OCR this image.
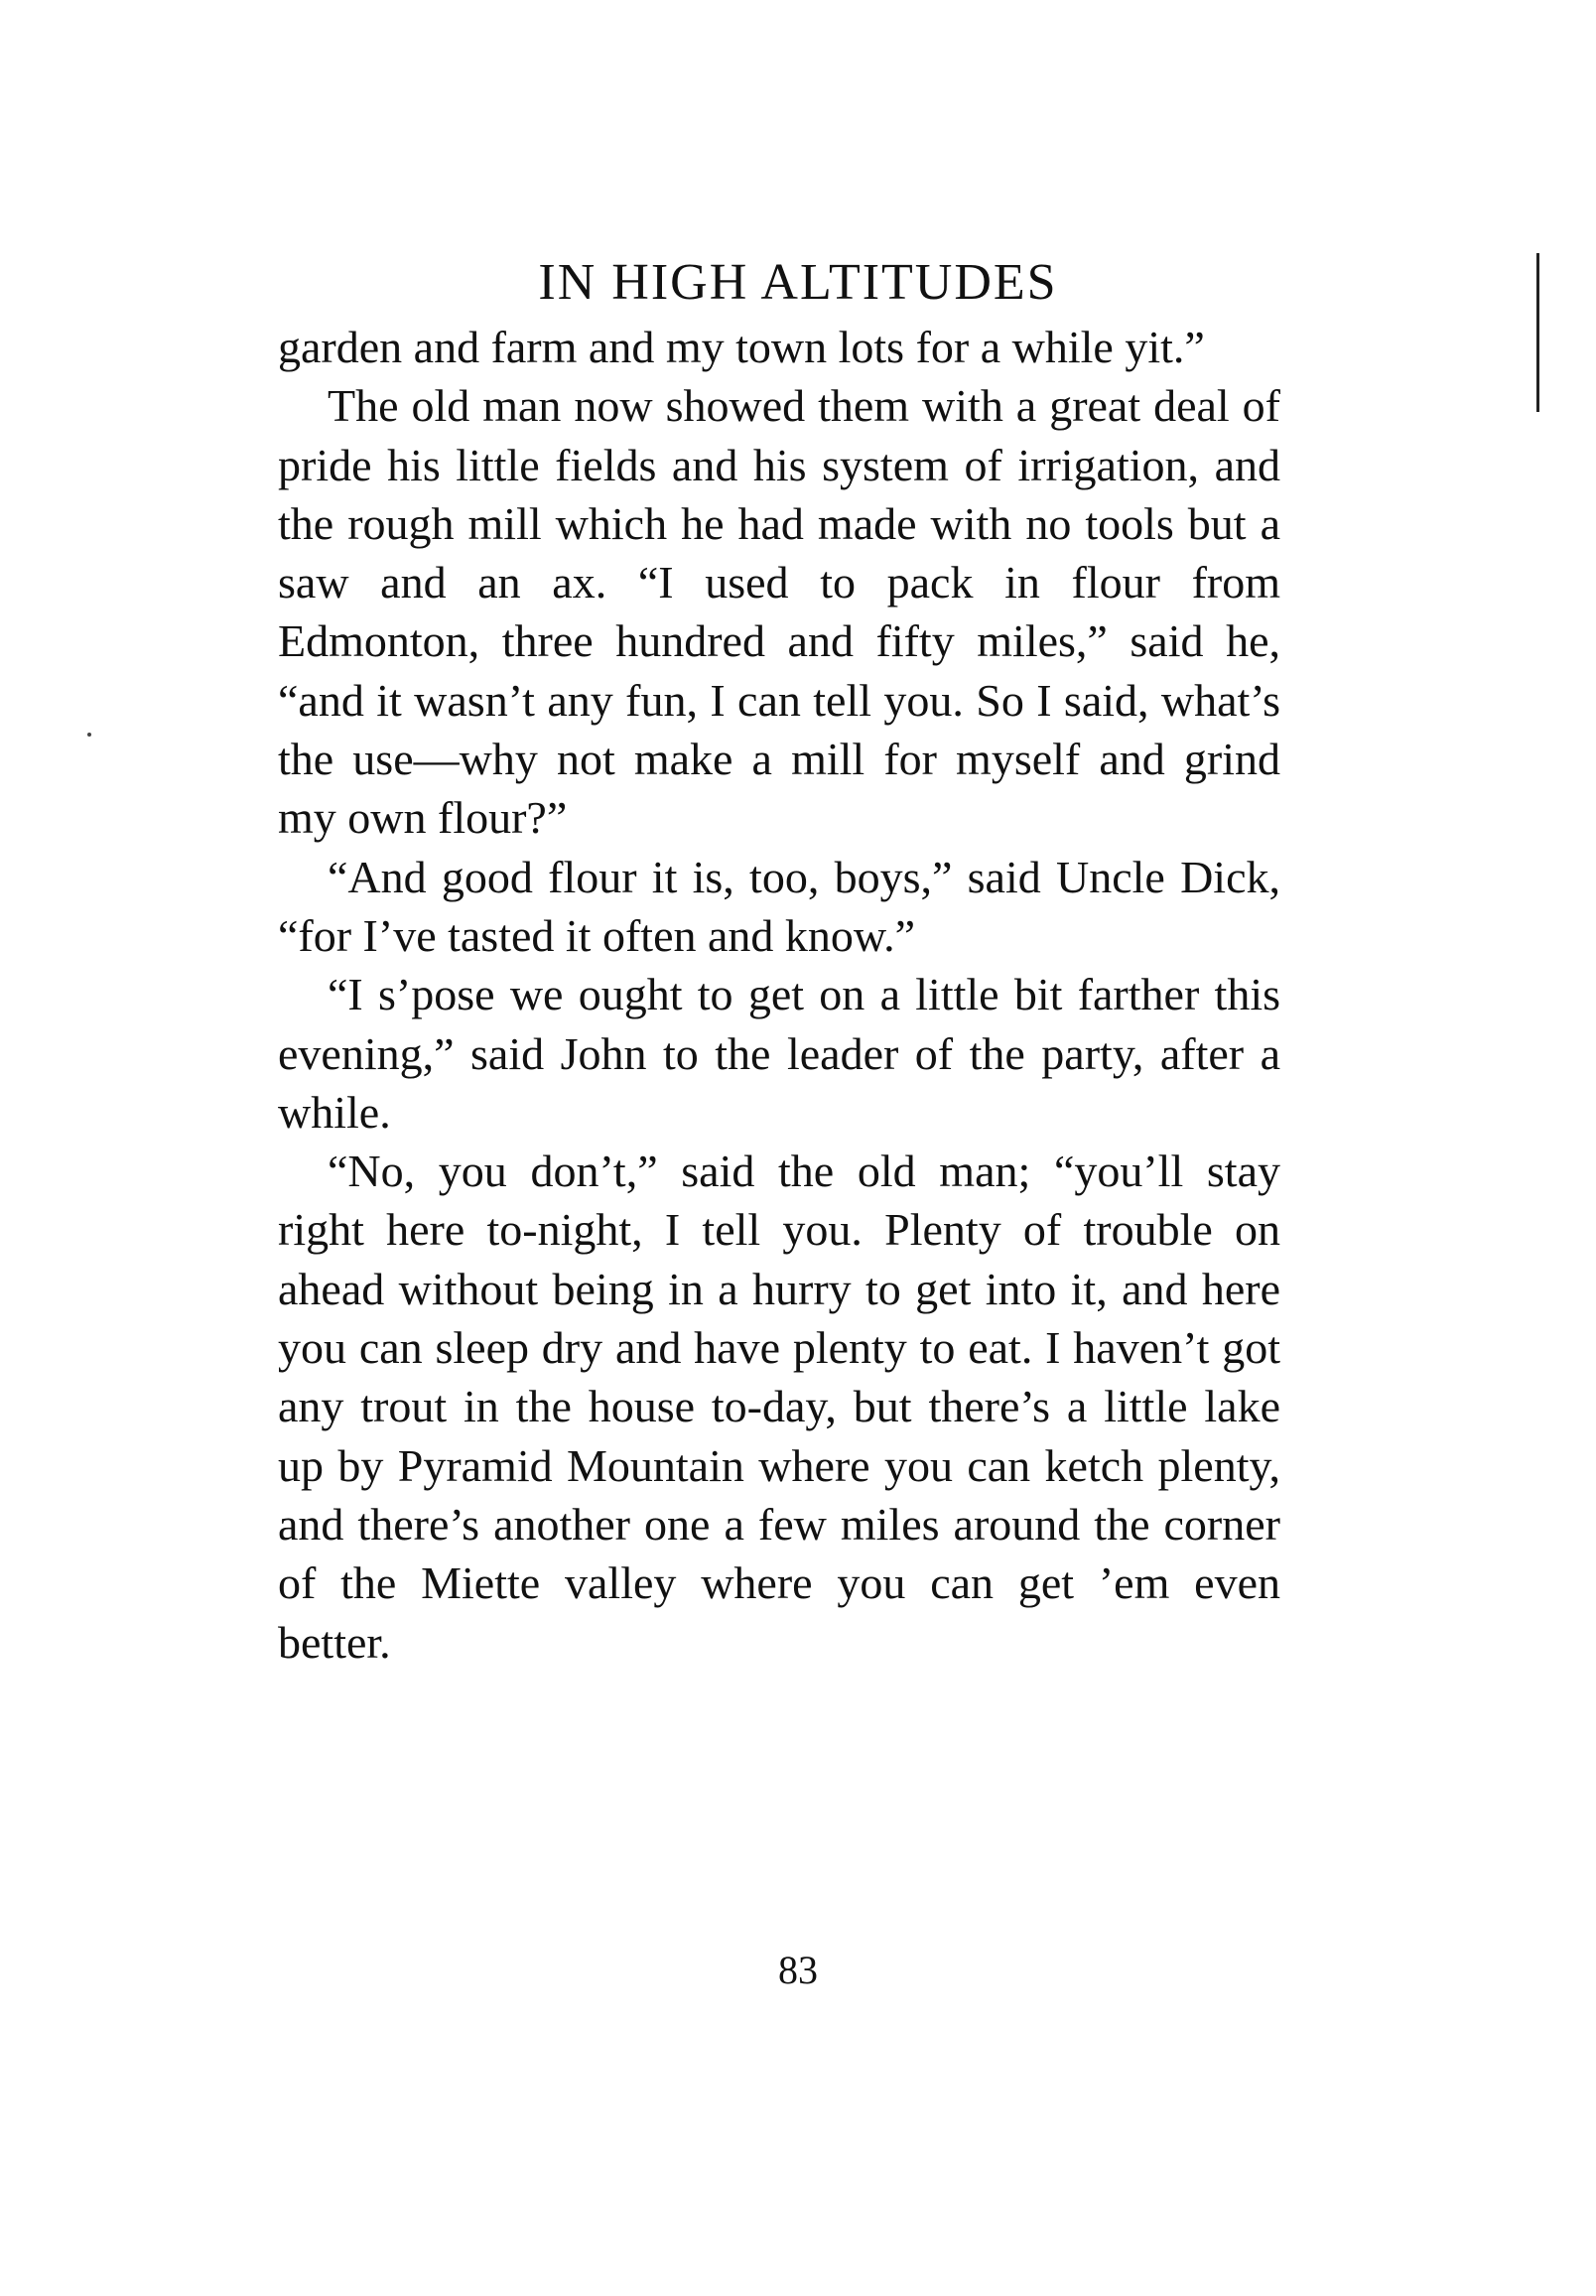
IN HIGH ALTITUDES

garden and farm and my town lots for a while yit.”

The old man now showed them with a great deal of pride his little fields and his system of irrigation, and the rough mill which he had made with no tools but a saw and an ax. “I used to pack in flour from Edmonton, three hundred and fifty miles,” said he, “and it wasn’t any fun, I can tell you. So I said, what’s the use—why not make a mill for myself and grind my own flour?”

“And good flour it is, too, boys,” said Uncle Dick, “for I’ve tasted it often and know.”

“I s’pose we ought to get on a little bit farther this evening,” said John to the leader of the party, after a while.

“No, you don’t,” said the old man; “you’ll stay right here to-night, I tell you. Plenty of trouble on ahead without being in a hurry to get into it, and here you can sleep dry and have plenty to eat. I haven’t got any trout in the house to-day, but there’s a little lake up by Pyramid Mountain where you can ketch plenty, and there’s another one a few miles around the corner of the Miette valley where you can get ’em even better.

83
